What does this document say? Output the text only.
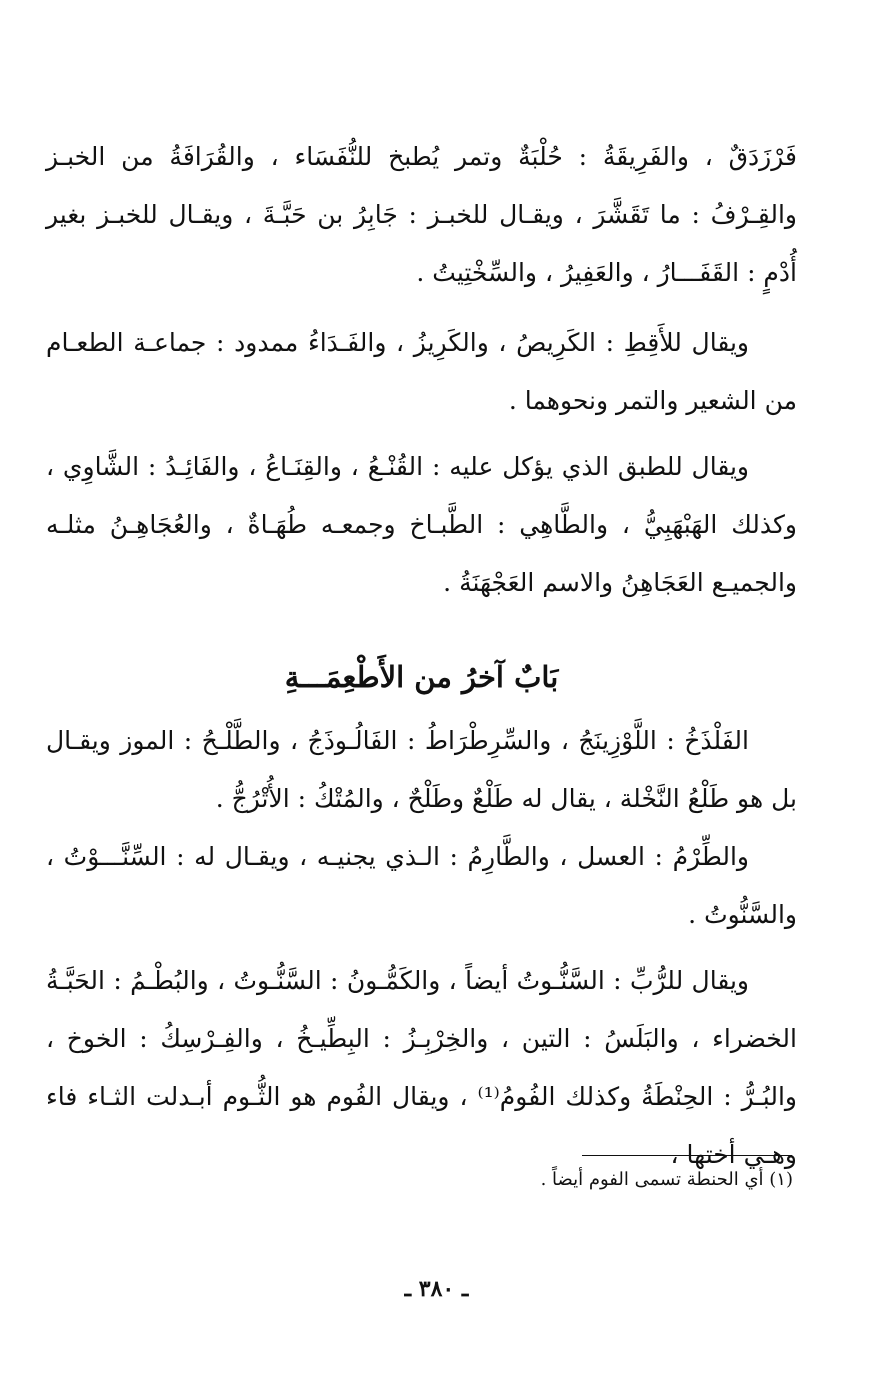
فَرْزَدَقٌ ، والفَرِيقَةُ : حُلْبَةٌ وتمر يُطبخ للنُّفَسَاء ، والقُرَافَةُ من الخبـز والقِـرْفُ : ما تَقَشَّرَ ، ويقـال للخبـز : جَابِرُ بن حَبَّـةَ ، ويقـال للخبـز بغير أُدْمٍ : القَفَـــارُ ، والعَفِيرُ ، والسِّخْتِيتُ .

ويقال للأَقِطِ : الكَرِيصُ ، والكَرِيزُ ، والفَـدَاءُ ممدود : جماعـة الطعـام من الشعير والتمر ونحوهما .

ويقال للطبق الذي يؤكل عليه : القُنْـعُ ، والقِنَـاعُ ، والفَائِـدُ : الشَّاوِي ، وكذلك الهَبْهَبِيُّ ، والطَّاهِي : الطَّبـاخ وجمعـه طُهَـاةٌ ، والعُجَاهِـنُ مثلـه والجميـع العَجَاهِنُ والاسم العَجْهَنَةُ .

بَابٌ آخرُ من الأَطْعِمَـــةِ

الفَلْذَخُ : اللَّوْزِينَجُ ، والسِّرِطْرَاطُ : الفَالُـوذَجُ ، والطَّلْـحُ : الموز ويقـال بل هو طَلْعُ النَّخْلة ، يقال له طَلْعٌ وطَلْحٌ ، والمُتْكُ : الأُتْرُجُّ .

والطِّرْمُ : العسل ، والطَّارِمُ : الـذي يجنيـه ، ويقـال له : السِّنَّـــوْتُ ، والسَّنُّوتُ .

ويقال للرُّبِّ : السَّنُّـوتُ أيضاً ، والكَمُّـونُ : السَّنُّـوتُ ، والبُطْـمُ : الحَبَّـةُ الخضراء ، والبَلَسُ : التين ، والخِرْبِـزُ : البِطِّيـخُ ، والفِـرْسِكُ : الخوخ ، والبُـرُّ : الحِنْطَةُ وكذلك الفُومُ⁽¹⁾ ، ويقال الفُوم هو الثُّـوم أبـدلت الثـاء فاء وهـي أختها ،

(١) أي الحنطة تسمى الفوم أيضاً .
ـ ٣٨٠ ـ
